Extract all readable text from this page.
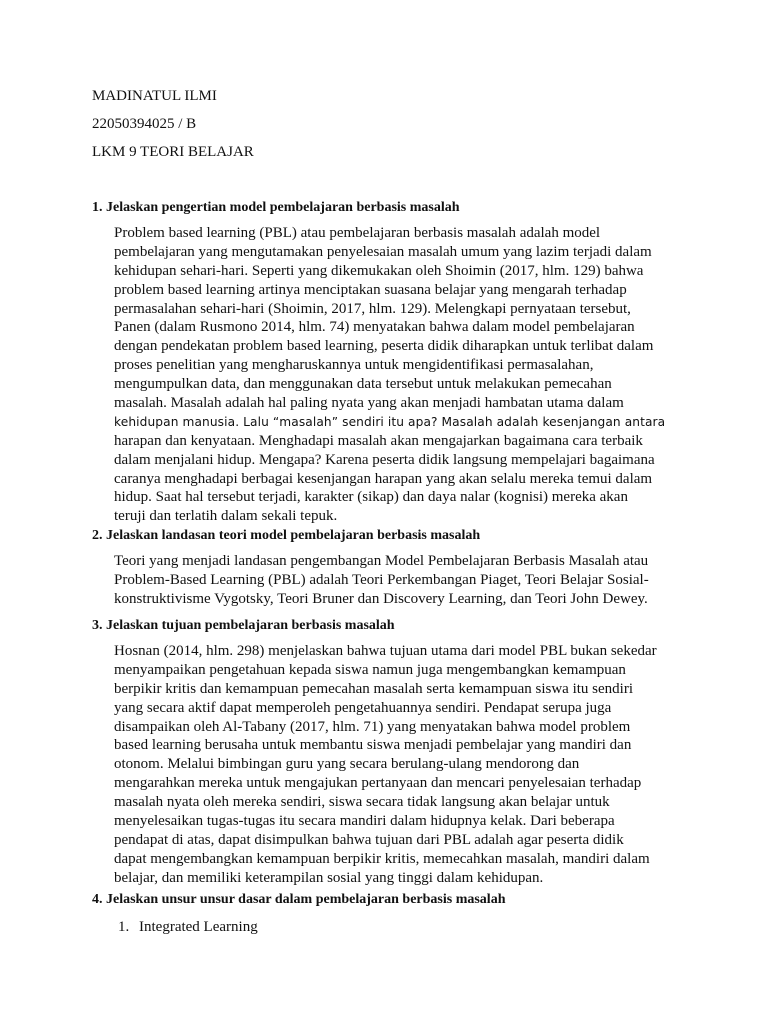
MADINATUL ILMI
22050394025 / B
LKM 9 TEORI BELAJAR
1. Jelaskan pengertian model pembelajaran berbasis masalah
Problem based learning (PBL) atau pembelajaran berbasis masalah adalah model
pembelajaran yang mengutamakan penyelesaian masalah umum yang lazim terjadi dalam
kehidupan sehari-hari. Seperti yang dikemukakan oleh Shoimin (2017, hlm. 129) bahwa
problem based learning artinya menciptakan suasana belajar yang mengarah terhadap
permasalahan sehari-hari (Shoimin, 2017, hlm. 129). Melengkapi pernyataan tersebut,
Panen (dalam Rusmono 2014, hlm. 74) menyatakan bahwa dalam model pembelajaran
dengan pendekatan problem based learning, peserta didik diharapkan untuk terlibat dalam
proses penelitian yang mengharuskannya untuk mengidentifikasi permasalahan,
mengumpulkan data, dan menggunakan data tersebut untuk melakukan pemecahan
masalah. Masalah adalah hal paling nyata yang akan menjadi hambatan utama dalam
kehidupan manusia. Lalu “masalah” sendiri itu apa? Masalah adalah kesenjangan antara
harapan dan kenyataan. Menghadapi masalah akan mengajarkan bagaimana cara terbaik
dalam menjalani hidup. Mengapa? Karena peserta didik langsung mempelajari bagaimana
caranya menghadapi berbagai kesenjangan harapan yang akan selalu mereka temui dalam
hidup. Saat hal tersebut terjadi, karakter (sikap) dan daya nalar (kognisi) mereka akan
teruji dan terlatih dalam sekali tepuk.
2. Jelaskan landasan teori model pembelajaran berbasis masalah
Teori yang menjadi landasan pengembangan Model Pembelajaran Berbasis Masalah atau
Problem-Based Learning (PBL) adalah Teori Perkembangan Piaget, Teori Belajar Sosial-
konstruktivisme Vygotsky, Teori Bruner dan Discovery Learning, dan Teori John Dewey.
3. Jelaskan tujuan pembelajaran berbasis masalah
Hosnan (2014, hlm. 298) menjelaskan bahwa tujuan utama dari model PBL bukan sekedar
menyampaikan pengetahuan kepada siswa namun juga mengembangkan kemampuan
berpikir kritis dan kemampuan pemecahan masalah serta kemampuan siswa itu sendiri
yang secara aktif dapat memperoleh pengetahuannya sendiri. Pendapat serupa juga
disampaikan oleh Al-Tabany (2017, hlm. 71) yang menyatakan bahwa model problem
based learning berusaha untuk membantu siswa menjadi pembelajar yang mandiri dan
otonom. Melalui bimbingan guru yang secara berulang-ulang mendorong dan
mengarahkan mereka untuk mengajukan pertanyaan dan mencari penyelesaian terhadap
masalah nyata oleh mereka sendiri, siswa secara tidak langsung akan belajar untuk
menyelesaikan tugas-tugas itu secara mandiri dalam hidupnya kelak. Dari beberapa
pendapat di atas, dapat disimpulkan bahwa tujuan dari PBL adalah agar peserta didik
dapat mengembangkan kemampuan berpikir kritis, memecahkan masalah, mandiri dalam
belajar, dan memiliki keterampilan sosial yang tinggi dalam kehidupan.
4. Jelaskan unsur unsur dasar dalam pembelajaran berbasis masalah
1. Integrated Learning
